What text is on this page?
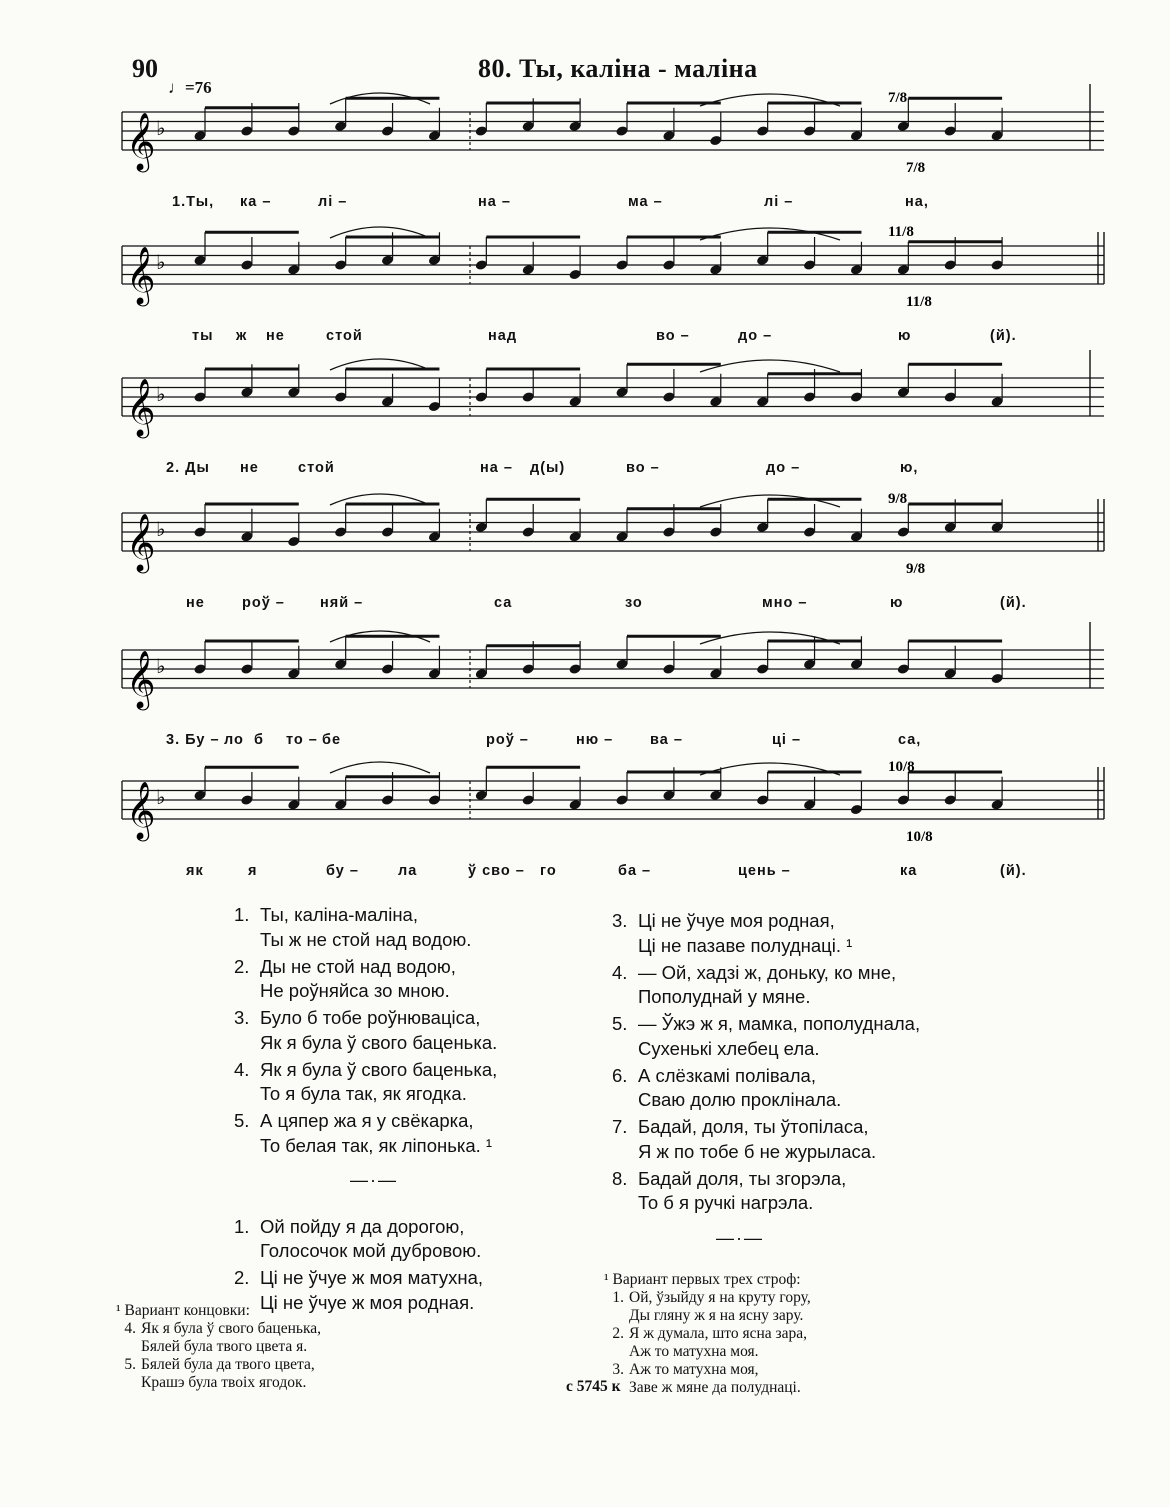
90
♩=76
80. Ты, каліна - маліна
𝄞 ♭
7/8
7/8
1.Ты, ка –	лі –	на –	ма –	лі –	на,
𝄞 ♭
11/8
11/8
ты ж не	стой	над	во –	до –	ю	(й).
𝄞 ♭
2. Ды не	стой	на – д(ы)	во –	до –	ю,
𝄞 ♭
9/8
9/8
не	роў – няй –	са	зо	мно –	ю	(й).
𝄞 ♭
3. Бу – ло б то – бе	роў –	ню –	ва –	ці –	са,
𝄞 ♭
10/8
10/8
як	я	бу –	ла	ў сво – го	ба –	цень –	ка	(й).
1. Ты, каліна-маліна,
Ты ж не стой над водою.
2. Ды не стой над водою,
Не роўняйса зо мною.
3. Було б тобе роўнюваціса,
Як я була ў свого баценька.
4. Як я була ў свого баценька,
То я була так, як ягодка.
5. А цяпер жа я у свёкарка,
То белая так, як ліпонька. ¹
—·—
1. Ой пойду я да дорогою,
Голосочок мой дубровою.
2. Ці не ўчуе ж моя матухна,
Ці не ўчуе ж моя родная.
3. Ці не ўчуе моя родная,
Ці не пазаве полуднаці. ¹
4. — Ой, хадзі ж, доньку, ко мне,
Пополуднай у мяне.
5. — Ўжэ ж я, мамка, пополуднала,
Сухенькі хлебец ела.
6. А слёзкамі полівала,
Сваю долю проклінала.
7. Бадай, доля, ты ўтопіласа,
Я ж по тобе б не журыласа.
8. Бадай доля, ты згорэла,
То б я ручкі нагрэла.
—·—
¹ Вариант концовки:
4. Як я була ў свого баценька,
Бялей була твого цвета я.
5. Бялей була да твого цвета,
Крашэ була твоіх ягодок.
¹ Вариант первых трех строф:
1. Ой, ўзыйду я на круту гору,
Ды гляну ж я на ясну зару.
2. Я ж думала, што ясна зара,
Аж то матухна моя.
3. Аж то матухна моя,
Заве ж мяне да полуднаці.
с 5745 к
